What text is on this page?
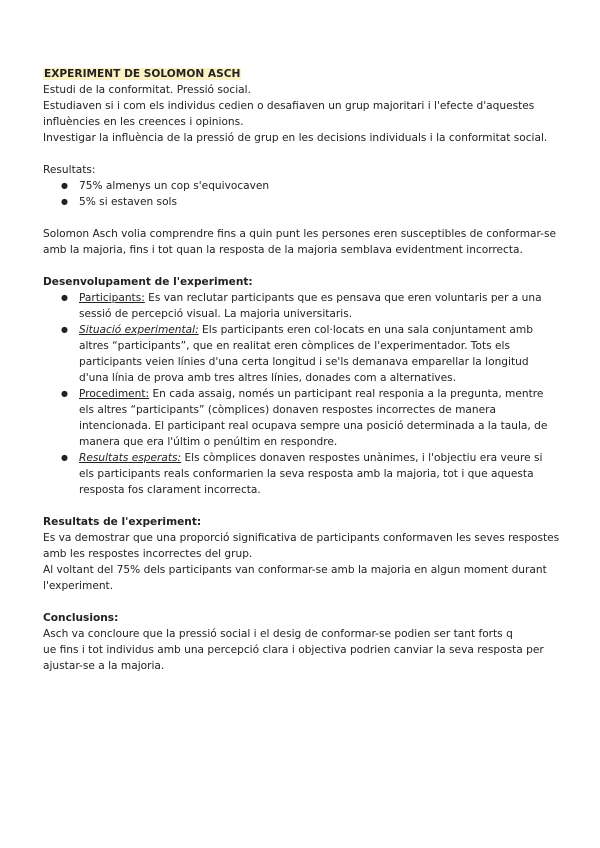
EXPERIMENT DE SOLOMON ASCH

Estudi de la conformitat. Pressió social.

Estudiaven si i com els individus cedien o desafiaven un grup majoritari i l'efecte d'aquestes influències en les creences i opinions.

Investigar la influència de la pressió de grup en les decisions individuals i la conformitat social.

Resultats:

● 75% almenys un cop s'equivocaven
● 5% si estaven sols

Solomon Asch volia comprendre fins a quin punt les persones eren susceptibles de conformar-se amb la majoria, fins i tot quan la resposta de la majoria semblava evidentment incorrecta.

Desenvolupament de l'experiment:

● Participants: Es van reclutar participants que es pensava que eren voluntaris per a una sessió de percepció visual. La majoria universitaris.
● Situació experimental: Els participants eren col·locats en una sala conjuntament amb altres “participants”, que en realitat eren còmplices de l'experimentador. Tots els participants veien línies d'una certa longitud i se'ls demanava emparellar la longitud d'una línia de prova amb tres altres línies, donades com a alternatives.
● Procediment: En cada assaig, només un participant real responia a la pregunta, mentre els altres “participants” (còmplices) donaven respostes incorrectes de manera intencionada. El participant real ocupava sempre una posició determinada a la taula, de manera que era l'últim o penúltim en respondre.
● Resultats esperats: Els còmplices donaven respostes unànimes, i l'objectiu era veure si els participants reals conformarien la seva resposta amb la majoria, tot i que aquesta resposta fos clarament incorrecta.

Resultats de l'experiment:

Es va demostrar que una proporció significativa de participants conformaven les seves respostes amb les respostes incorrectes del grup.

Al voltant del 75% dels participants van conformar-se amb la majoria en algun moment durant l'experiment.

Conclusions:

Asch va concloure que la pressió social i el desig de conformar-se podien ser tant forts q

ue fins i tot individus amb una percepció clara i objectiva podrien canviar la seva resposta per ajustar-se a la majoria.
